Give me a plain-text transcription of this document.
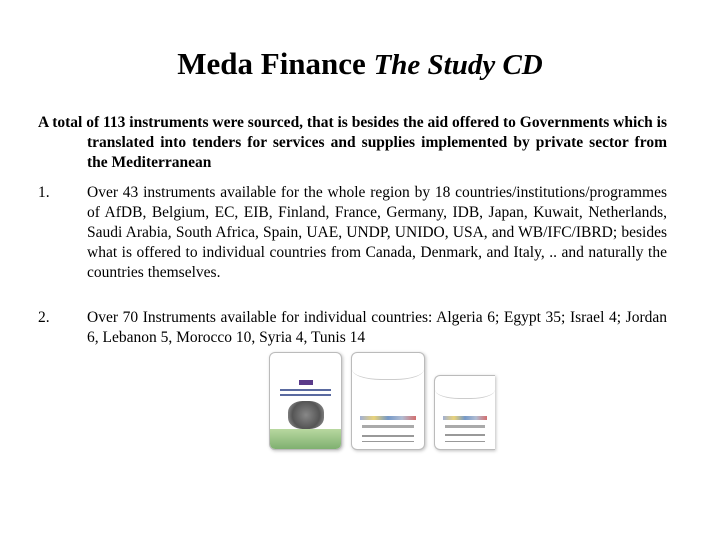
Meda Finance The Study CD
A total of 113 instruments were sourced, that is besides the aid offered to Governments which is translated into tenders for services and supplies implemented by private sector from the Mediterranean
1. Over 43 instruments available for the whole region by 18 countries/institutions/programmes of AfDB, Belgium, EC, EIB, Finland, France, Germany, IDB, Japan, Kuwait, Netherlands, Saudi Arabia, South Africa, Spain, UAE, UNDP, UNIDO, USA, and WB/IFC/IBRD; besides what is offered to individual countries from Canada, Denmark, and Italy, .. and naturally the countries themselves.
2. Over 70 Instruments available for individual countries: Algeria 6; Egypt 35; Israel 4; Jordan 6, Lebanon 5, Morocco 10, Syria 4, Tunis 14
